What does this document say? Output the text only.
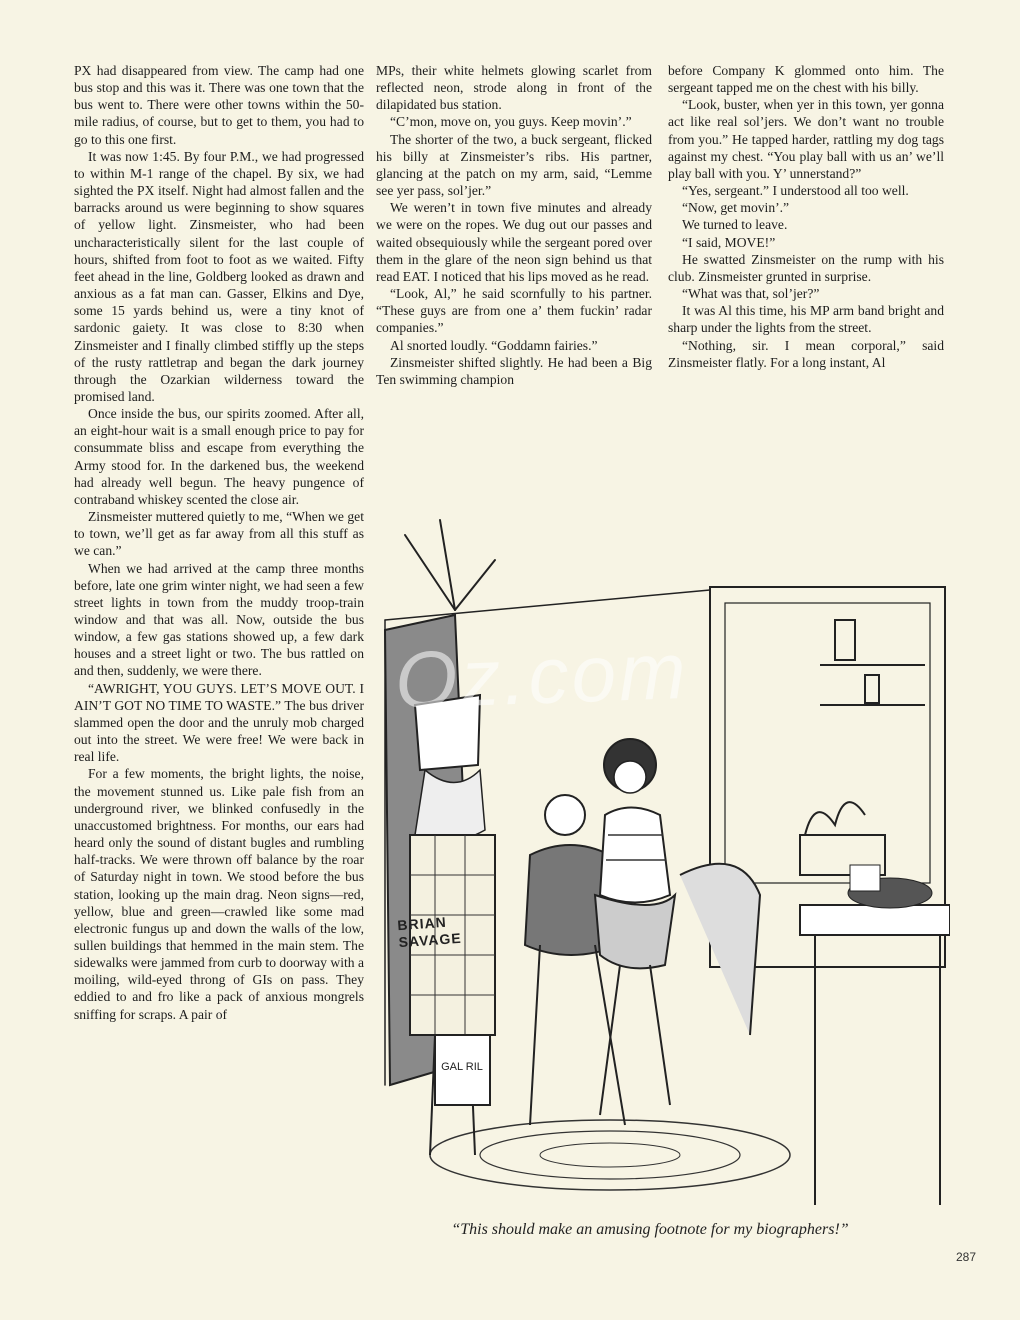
PX had disappeared from view. The camp had one bus stop and this was it. There was one town that the bus went to. There were other towns within the 50-mile radius, of course, but to get to them, you had to go to this one first.

It was now 1:45. By four P.M., we had progressed to within M-1 range of the chapel. By six, we had sighted the PX itself. Night had almost fallen and the barracks around us were beginning to show squares of yellow light. Zinsmeister, who had been uncharacteristically silent for the last couple of hours, shifted from foot to foot as we waited. Fifty feet ahead in the line, Goldberg looked as drawn and anxious as a fat man can. Gasser, Elkins and Dye, some 15 yards behind us, were a tiny knot of sardonic gaiety. It was close to 8:30 when Zinsmeister and I finally climbed stiffly up the steps of the rusty rattletrap and began the dark journey through the Ozarkian wilderness toward the promised land.

Once inside the bus, our spirits zoomed. After all, an eight-hour wait is a small enough price to pay for consummate bliss and escape from everything the Army stood for. In the darkened bus, the weekend had already well begun. The heavy pungence of contraband whiskey scented the close air.

Zinsmeister muttered quietly to me, “When we get to town, we’ll get as far away from all this stuff as we can.”

When we had arrived at the camp three months before, late one grim winter night, we had seen a few street lights in town from the muddy troop-train window and that was all. Now, outside the bus window, a few gas stations showed up, a few dark houses and a street light or two. The bus rattled on and then, suddenly, we were there.

“AWRIGHT, YOU GUYS. LET’S MOVE OUT. I AIN’T GOT NO TIME TO WASTE.” The bus driver slammed open the door and the unruly mob charged out into the street. We were free! We were back in real life.

For a few moments, the bright lights, the noise, the movement stunned us. Like pale fish from an underground river, we blinked confusedly in the unaccustomed brightness. For months, our ears had heard only the sound of distant bugles and rumbling half-tracks. We were thrown off balance by the roar of Saturday night in town. We stood before the bus station, looking up the main drag. Neon signs—red, yellow, blue and green—crawled like some mad electronic fungus up and down the walls of the low, sullen buildings that hemmed in the main stem. The sidewalks were jammed from curb to doorway with a moiling, wild-eyed throng of GIs on pass. They eddied to and fro like a pack of anxious mongrels sniffing for scraps. A pair of

MPs, their white helmets glowing scarlet from reflected neon, strode along in front of the dilapidated bus station.

“C’mon, move on, you guys. Keep movin’.”

The shorter of the two, a buck sergeant, flicked his billy at Zinsmeister’s ribs. His partner, glancing at the patch on my arm, said, “Lemme see yer pass, sol’jer.”

We weren’t in town five minutes and already we were on the ropes. We dug out our passes and waited obsequiously while the sergeant pored over them in the glare of the neon sign behind us that read EAT. I noticed that his lips moved as he read.

“Look, Al,” he said scornfully to his partner. “These guys are from one a’ them fuckin’ radar companies.”

Al snorted loudly. “Goddamn fairies.”

Zinsmeister shifted slightly. He had been a Big Ten swimming champion

before Company K glommed onto him. The sergeant tapped me on the chest with his billy.

“Look, buster, when yer in this town, yer gonna act like real sol’jers. We don’t want no trouble from you.” He tapped harder, rattling my dog tags against my chest. “You play ball with us an’ we’ll play ball with you. Y’ unnerstand?”

“Yes, sergeant.” I understood all too well.

“Now, get movin’.”

We turned to leave.

“I said, MOVE!”

He swatted Zinsmeister on the rump with his club. Zinsmeister grunted in surprise.

“What was that, sol’jer?”

It was Al this time, his MP arm band bright and sharp under the lights from the street.

“Nothing, sir. I mean corporal,” said Zinsmeister flatly. For a long instant, Al

GAL RIL
BRIAN
SAVAGE
Oz.com
“This should make an amusing footnote for my biographers!”
287
